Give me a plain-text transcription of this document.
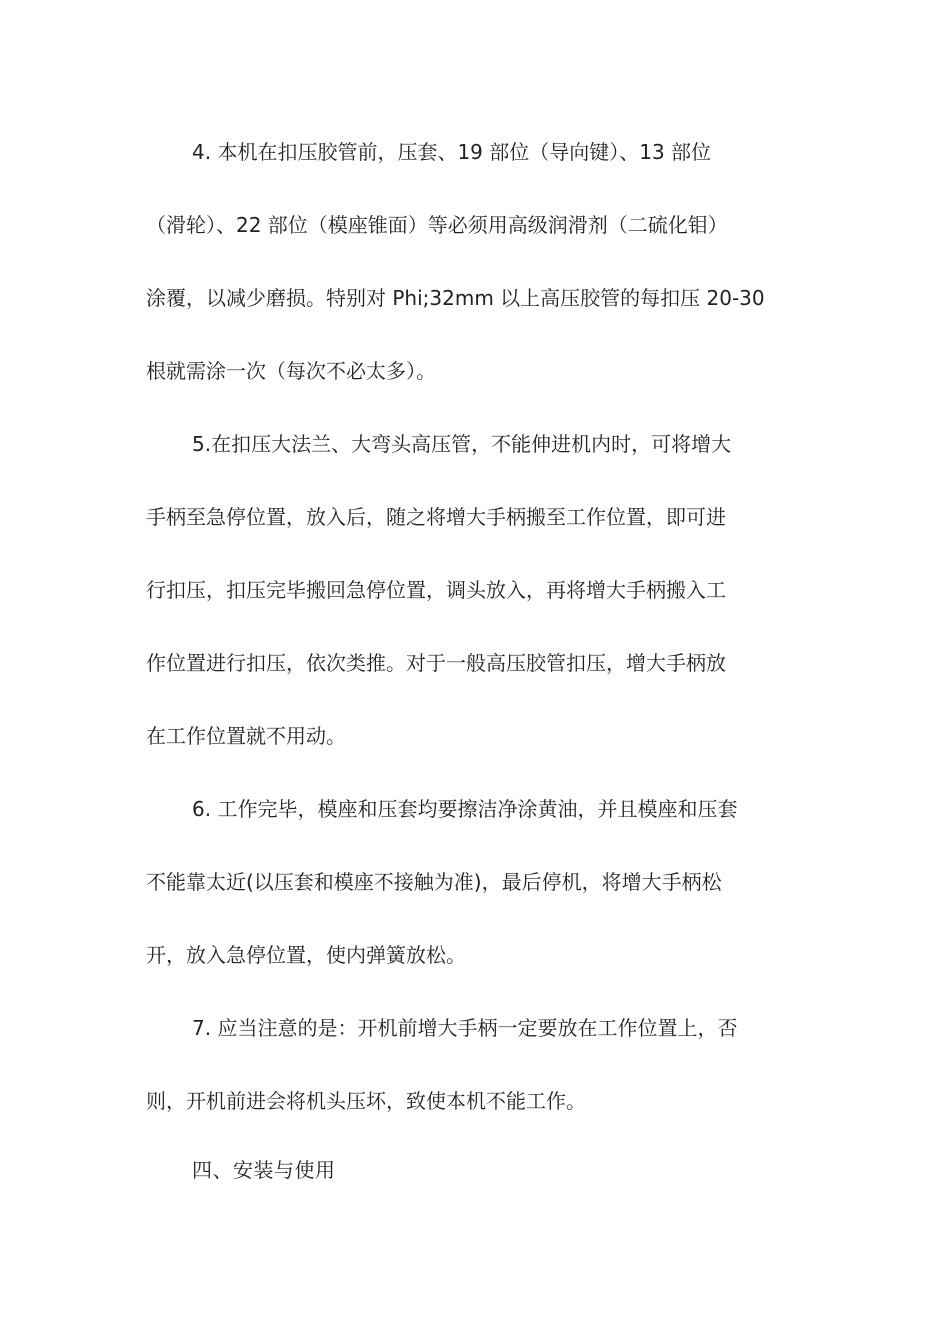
4. 本机在扣压胶管前，压套、19 部位（导向键）、13 部位
（滑轮）、22 部位（模座锥面）等必须用高级润滑剂（二硫化钼）
涂覆，以减少磨损。特别对 Phi;32mm 以上高压胶管的每扣压 20-30
根就需涂一次（每次不必太多）。
5.在扣压大法兰、大弯头高压管，不能伸进机内时，可将增大
手柄至急停位置，放入后，随之将增大手柄搬至工作位置，即可进
行扣压，扣压完毕搬回急停位置，调头放入，再将增大手柄搬入工
作位置进行扣压，依次类推。对于一般高压胶管扣压，增大手柄放
在工作位置就不用动。
6. 工作完毕，模座和压套均要擦洁净涂黄油，并且模座和压套
不能靠太近(以压套和模座不接触为准)，最后停机，将增大手柄松
开，放入急停位置，使内弹簧放松。
7. 应当注意的是：开机前增大手柄一定要放在工作位置上，否
则，开机前进会将机头压坏，致使本机不能工作。
四、安装与使用
